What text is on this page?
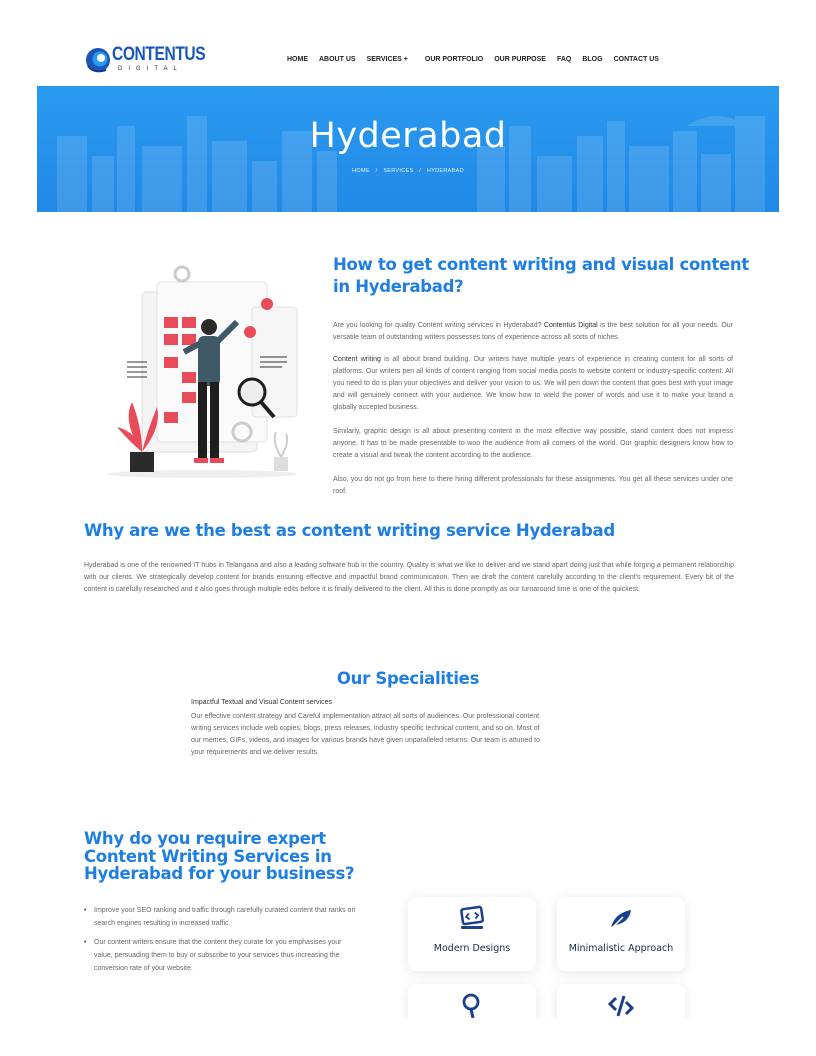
CONTENTUS
DIGITAL
HOME ABOUT US SERVICES + OUR PORTFOLIO OUR PURPOSE FAQ BLOG CONTACT US
Hyderabad
HOME / SERVICES / HYDERABAD
How to get content writing and visual content in Hyderabad?

Are you looking for quality Content writing services in Hyderabad? Contentus Digital is the best solution for all your needs. Our versatile team of outstanding writers possesses tons of experience across all sorts of niches.

Content writing is all about brand building. Our writers have multiple years of experience in creating content for all sorts of platforms. Our writers pen all kinds of content ranging from social media posts to website content or industry-specific content. All you need to do is plan your objectives and deliver your vision to us. We will pen down the content that goes best with your image and will genuinely connect with your audience. We know how to wield the power of words and use it to make your brand a globally accepted business.

Similarly, graphic design is all about presenting content in the most effective way possible, stand content does not impress anyone. It has to be made presentable to woo the audience from all corners of the world. Our graphic designers know how to create a visual and tweak the content according to the audience.

Also, you do not go from here to there hiring different professionals for these assignments. You get all these services under one roof.

Why are we the best as content writing service Hyderabad

Hyderabad is one of the renowned IT hubs in Telangana and also a leading software hub in the country. Quality is what we like to deliver and we stand apart doing just that while forging a permanent relationship with our clients. We strategically develop content for brands ensuring effective and impactful brand communication. Then we draft the content carefully according to the client's requirement. Every bit of the content is carefully researched and it also goes through multiple edits before it is finally delivered to the client. All this is done promptly as our turnaround time is one of the quickest.

Our Specialities
Impactful Textual and Visual Content services

Our effective content strategy and Careful implementation attract all sorts of audiences. Our professional content writing services include web copies, blogs, press releases, industry specific technical content, and so on. Most of our memes, GIFs, videos, and images for various brands have given unparalleled returns. Our team is attuned to your requirements and we deliver results.

Why do you require expert Content Writing Services in Hyderabad for your business?
• Improve your SEO ranking and traffic through carefully curated content that ranks on search engines resulting in increased traffic.
• Our content writers ensure that the content they curate for you emphasises your value, persuading them to buy or subscribe to your services thus increasing the conversion rate of your website.
Modern Designs	Minimalistic Approach
